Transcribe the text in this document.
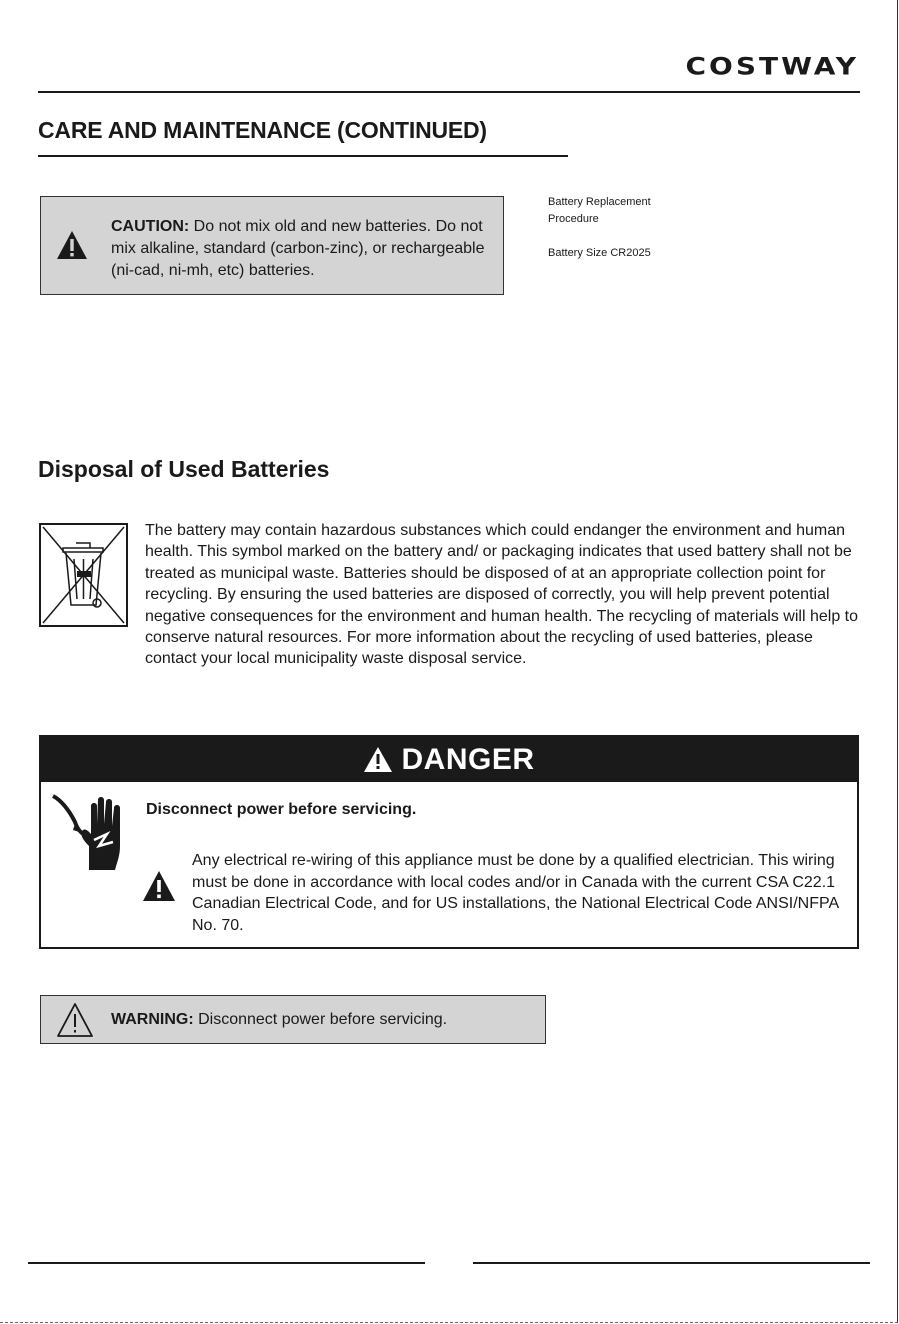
COSTWAY
CARE AND MAINTENANCE (CONTINUED)
CAUTION: Do not mix old and new batteries. Do not mix alkaline, standard (carbon-zinc), or rechargeable (ni-cad, ni-mh, etc) batteries.
Battery Replacement
Procedure
Battery Size CR2025
Disposal of Used Batteries

The battery may contain hazardous substances which could endanger the environment and human health. This symbol marked on the battery and/ or packaging indicates that used battery shall not be treated as municipal waste. Batteries should be disposed of at an appropriate collection point for recycling. By ensuring the used batteries are disposed of correctly, you will help prevent potential negative consequences for the environment and human health. The recycling of materials will help to conserve natural resources. For more information about the recycling of used batteries, please contact your local municipality waste disposal service.

DANGER
Disconnect power before servicing.
Any electrical re-wiring of this appliance must be done by a qualified electrician. This wiring must be done in accordance with local codes and/or in Canada with the current CSA C22.1 Canadian Electrical Code, and for US installations, the National Electrical Code ANSI/NFPA No. 70.
WARNING: Disconnect power before servicing.
